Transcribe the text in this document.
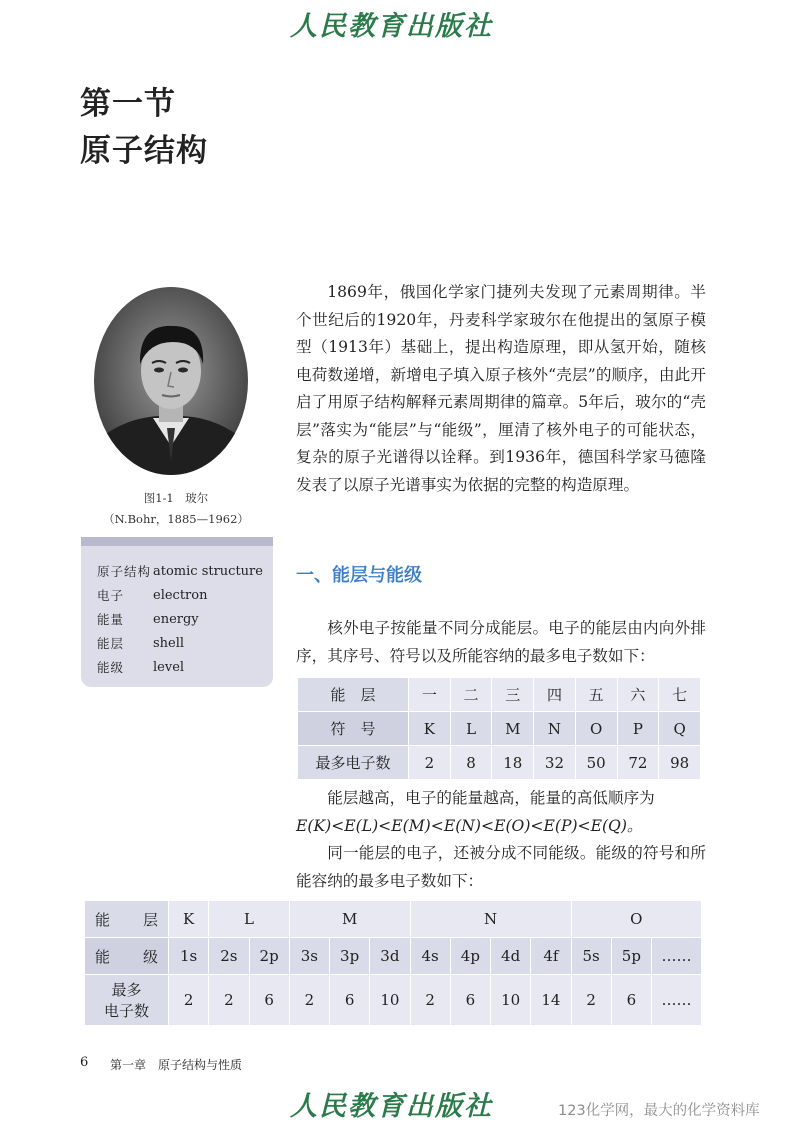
人民教育出版社
第一节
原子结构
图1-1　玻尔
（N.Bohr，1885—1962）
原子结构 atomic structure
电子	electron
能量	energy
能层	shell
能级	level

1869年，俄国化学家门捷列夫发现了元素周期律。半个世纪后的1920年，丹麦科学家玻尔在他提出的氢原子模型（1913年）基础上，提出构造原理，即从氢开始，随核电荷数递增，新增电子填入原子核外“壳层”的顺序，由此开启了用原子结构解释元素周期律的篇章。5年后，玻尔的“壳层”落实为“能层”与“能级”，厘清了核外电子的可能状态，复杂的原子光谱得以诠释。到1936年，德国科学家马德隆发表了以原子光谱事实为依据的完整的构造原理。

一、能层与能级

核外电子按能量不同分成能层。电子的能层由内向外排序，其序号、符号以及所能容纳的最多电子数如下：

能　层	一	二	三	四	五	六	七
符　号	K	L	M	N	O	P	Q
最多电子数	2	8	18	32	50	72	98

能层越高，电子的能量越高，能量的高低顺序为

E(K)<E(L)<E(M)<E(N)<E(O)<E(P)<E(Q)。

同一能层的电子，还被分成不同能级。能级的符号和所能容纳的最多电子数如下：

能 层	K	L		M			N				O		

能 级	1s	2s	2p	3s	3p	3d	4s	4p	4d	4f	5s	5p	……

最多
电子数	2	2	6	2	6	10	2	6	10	14	2	6	……
6 第一章　原子结构与性质
人民教育出版社	123化学网，最大的化学资料库
